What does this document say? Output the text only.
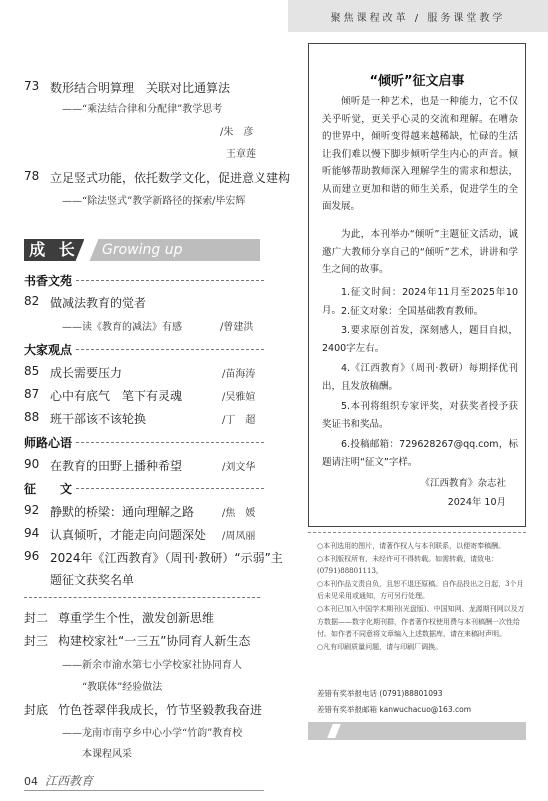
73 数形结合明算理　关联对比通算法
——“乘法结合律和分配律”教学思考
/朱　彦
王章莲
78 立足竖式功能，依托数学文化，促进意义建构
——“除法竖式”教学新路径的探索 /毕宏辉
成 长	Growing up
书香文苑
82 做减法教育的觉者
——读《教育的减法》有感	/曾建洪
大家观点
85 成长需要压力	/苗海涛
87 心中有底气　笔下有灵魂	/吴雅媗
88 班干部该不该轮换	/丁　超
师路心语
90 在教育的田野上播种希望	/刘文华
征　　文
92 静默的桥梁：通向理解之路	/焦　媛
94 认真倾听，才能走向问题深处 /周凤丽
96 2024年《江西教育》（周刊·教研）“示弱”主
题征文获奖名单
封二 尊重学生个性，激发创新思维
封三 构建校家社“一三五”协同育人新生态
——新余市渝水第七小学校家社协同育人
“教联体”经验做法
封底 竹色苍翠伴我成长，竹节坚毅教我奋进
——龙南市南亨乡中心小学“竹韵”教育校
本课程风采
04 江西教育
聚焦课程改革 / 服务课堂教学
“倾听”征文启事
倾听是一种艺术，也是一种能力，它不仅关乎听觉，更关乎心灵的交流和理解。在嘈杂的世界中，倾听变得越来越稀缺，忙碌的生活让我们难以慢下脚步倾听学生内心的声音。倾听能够帮助教师深入理解学生的需求和想法，从而建立更加和谐的师生关系，促进学生的全面发展。
为此，本刊举办“倾听”主题征文活动，诚邀广大教师分享自己的“倾听”艺术，讲讲和学生之间的故事。
1.征文时间：2024年11月至2025年10月。 2.征文对象：全国基础教育教师。
3.要求原创首发，深刻感人，题目自拟，2400字左右。
4.《江西教育》（周刊·教研）每期择优刊出，且发放稿酬。
5.本刊将组织专家评奖，对获奖者授予获奖证书和奖品。
6.投稿邮箱：729628267@qq.com，标题请注明“征文”字样。
《江西教育》杂志社
2024年 10月
○本刊选用的图片，请著作权人与本刊联系，以便寄奉稿酬。
○本刊版权所有，未经许可不得转载。如需转载，请致电：(0791)88801113。
○本刊作品文责自负，且恕不退还原稿。自作品投出之日起，3个月后未见采用或通知，方可另行处理。
○本刊已加入中国学术期刊(光盘版)、中国知网、龙源期刊网以及万方数据——数字化期刊群，作者著作权使用费与本刊稿酬一次性给付。如作者不同意将文章编入上述数据库，请在来稿时声明。
○凡有印刷质量问题，请与印刷厂调换。
差错有奖举报电话 (0791)88801093
差错有奖举报邮箱 kanwuchacuo@163.com
